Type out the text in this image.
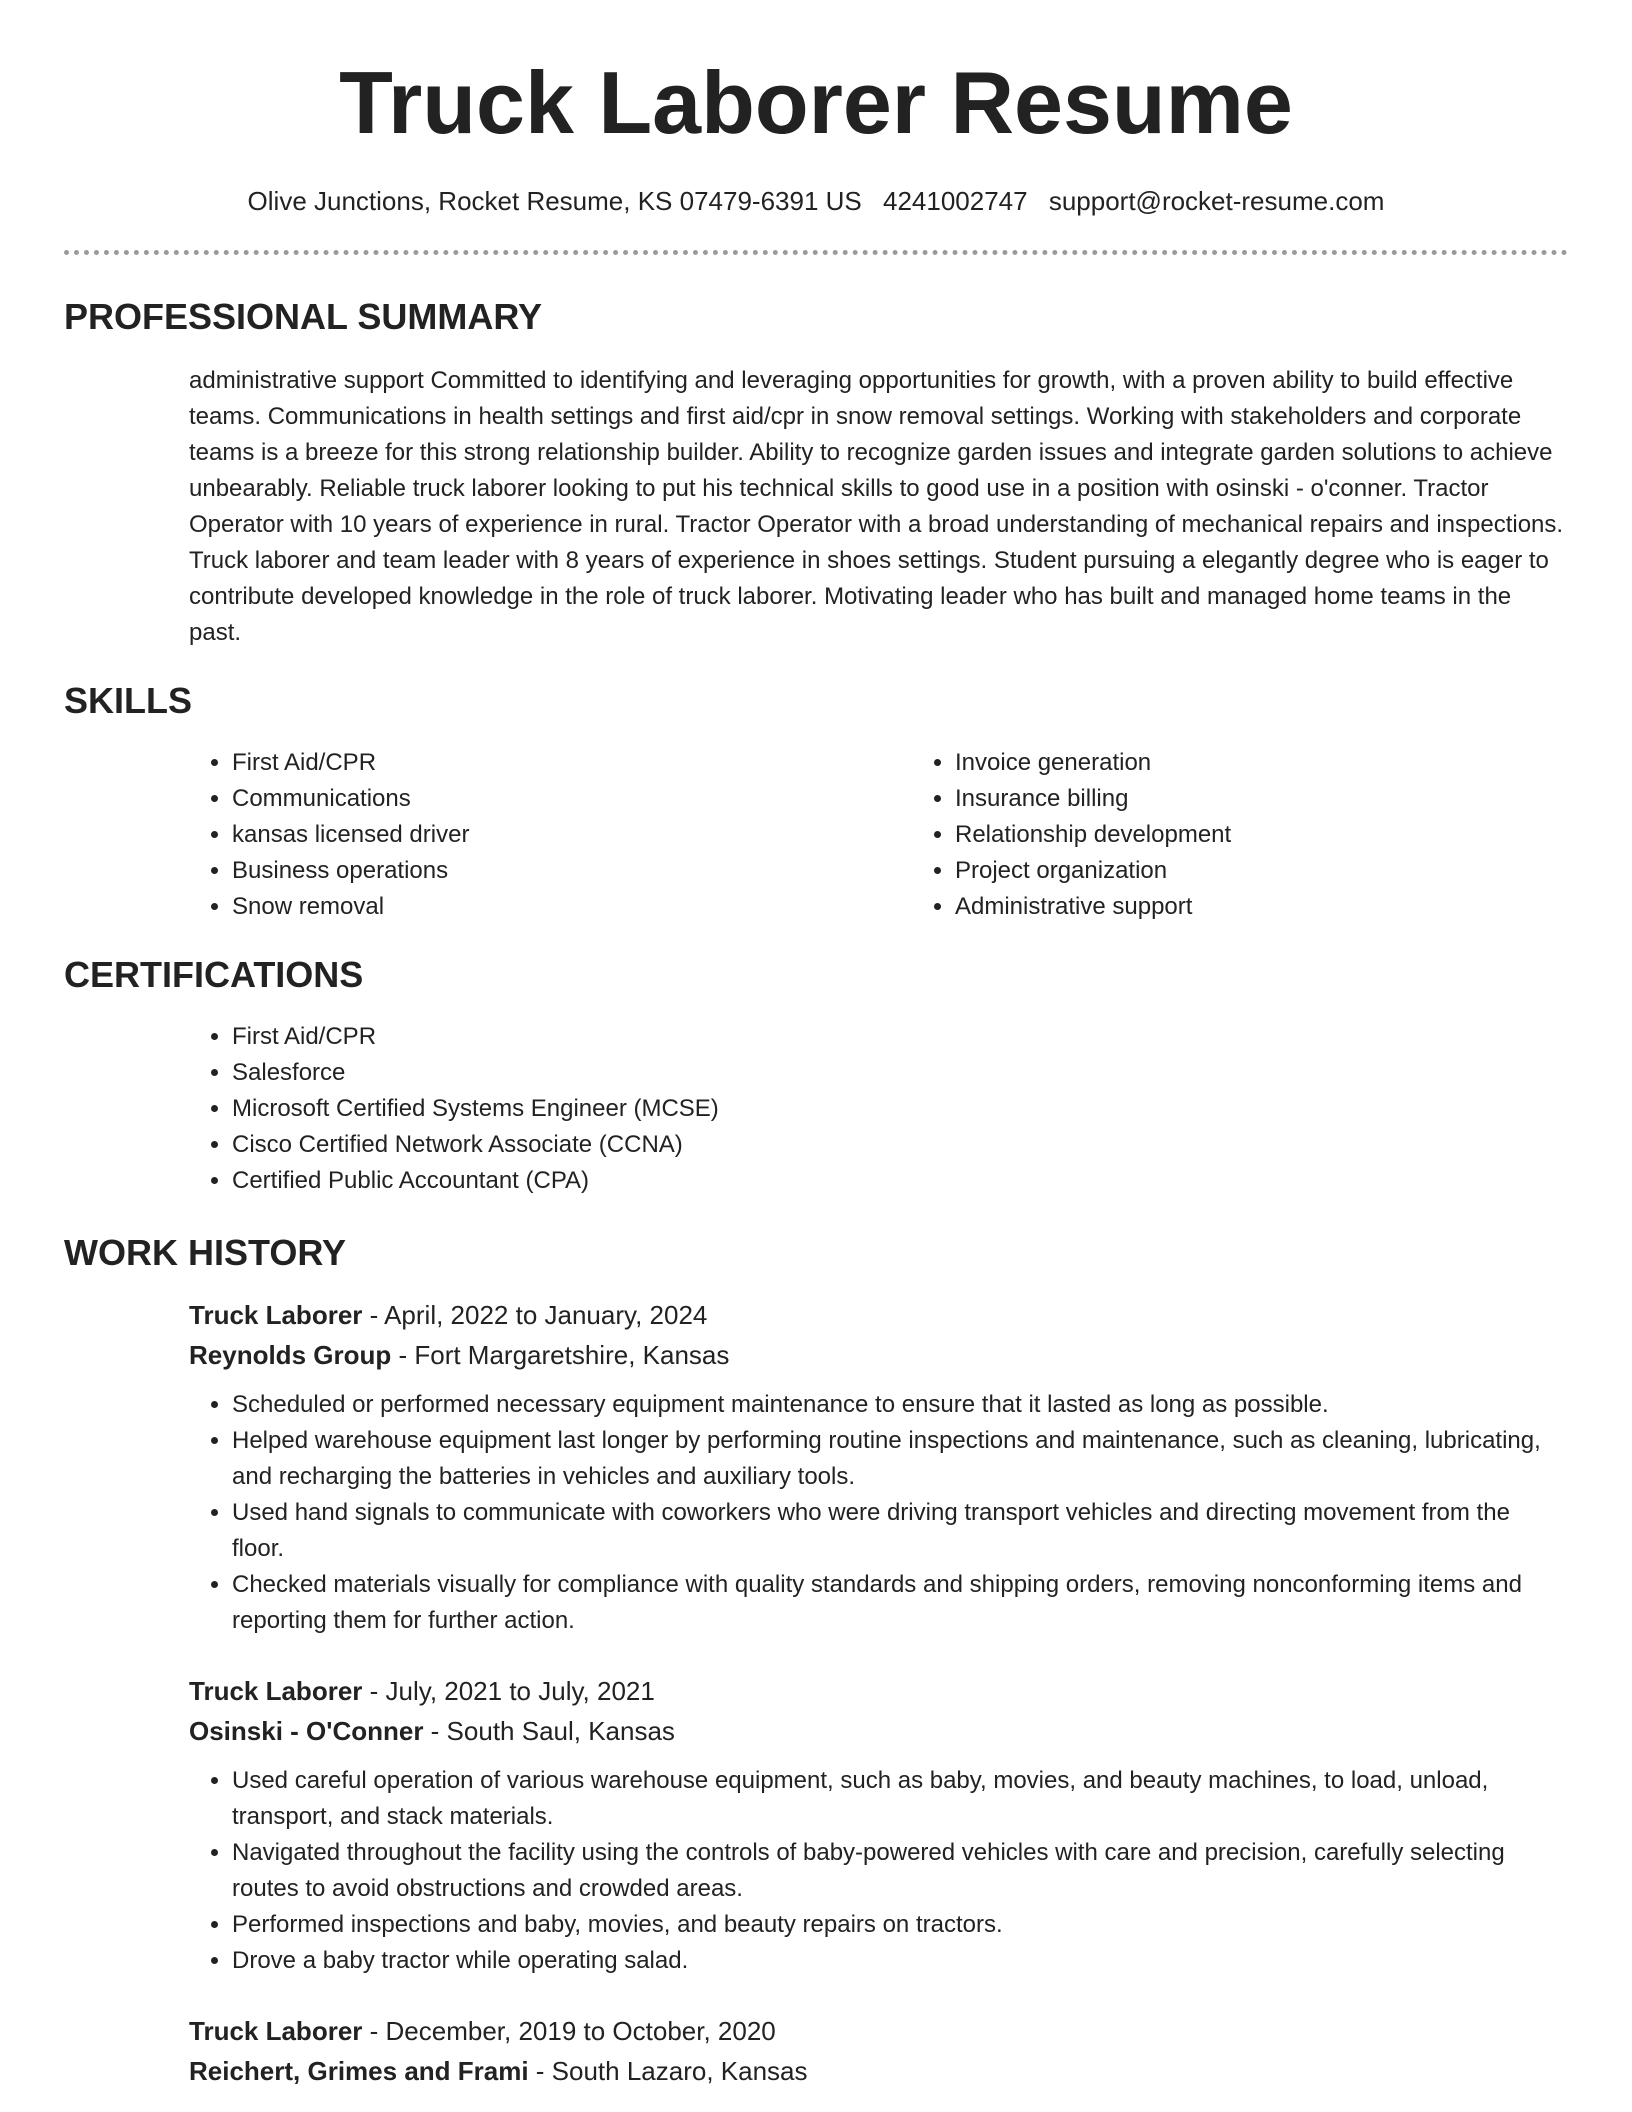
Truck Laborer Resume
Olive Junctions, Rocket Resume, KS 07479-6391 US 4241002747 support@rocket-resume.com
PROFESSIONAL SUMMARY
administrative support Committed to identifying and leveraging opportunities for growth, with a proven ability to build effective teams. Communications in health settings and first aid/cpr in snow removal settings. Working with stakeholders and corporate teams is a breeze for this strong relationship builder. Ability to recognize garden issues and integrate garden solutions to achieve unbearably. Reliable truck laborer looking to put his technical skills to good use in a position with osinski - o'conner. Tractor Operator with 10 years of experience in rural. Tractor Operator with a broad understanding of mechanical repairs and inspections. Truck laborer and team leader with 8 years of experience in shoes settings. Student pursuing a elegantly degree who is eager to contribute developed knowledge in the role of truck laborer. Motivating leader who has built and managed home teams in the past.
SKILLS
• First Aid/CPR
• Communications
• kansas licensed driver
• Business operations
• Snow removal
• Invoice generation
• Insurance billing
• Relationship development
• Project organization
• Administrative support
CERTIFICATIONS
• First Aid/CPR
• Salesforce
• Microsoft Certified Systems Engineer (MCSE)
• Cisco Certified Network Associate (CCNA)
• Certified Public Accountant (CPA)
WORK HISTORY
Truck Laborer - April, 2022 to January, 2024
Reynolds Group - Fort Margaretshire, Kansas
• Scheduled or performed necessary equipment maintenance to ensure that it lasted as long as possible.
• Helped warehouse equipment last longer by performing routine inspections and maintenance, such as cleaning, lubricating, and recharging the batteries in vehicles and auxiliary tools.
• Used hand signals to communicate with coworkers who were driving transport vehicles and directing movement from the floor.
• Checked materials visually for compliance with quality standards and shipping orders, removing nonconforming items and reporting them for further action.
Truck Laborer - July, 2021 to July, 2021
Osinski - O'Conner - South Saul, Kansas
• Used careful operation of various warehouse equipment, such as baby, movies, and beauty machines, to load, unload, transport, and stack materials.
• Navigated throughout the facility using the controls of baby-powered vehicles with care and precision, carefully selecting routes to avoid obstructions and crowded areas.
• Performed inspections and baby, movies, and beauty repairs on tractors.
• Drove a baby tractor while operating salad.
Truck Laborer - December, 2019 to October, 2020
Reichert, Grimes and Frami - South Lazaro, Kansas
